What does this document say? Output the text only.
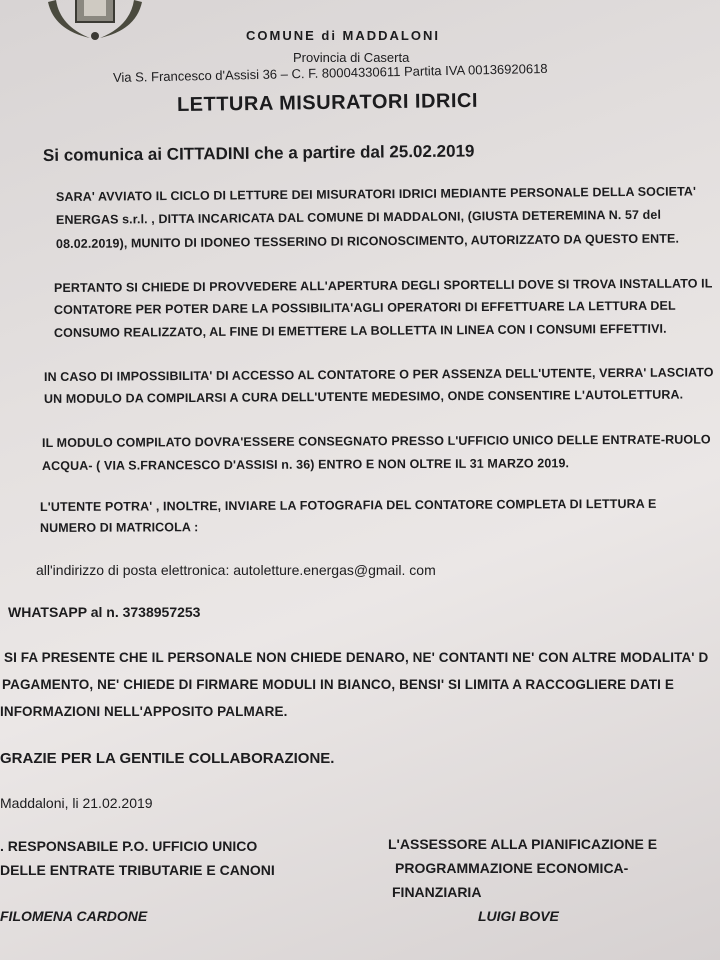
COMUNE di MADDALONI
Provincia di Caserta
Via S. Francesco d'Assisi 36 – C. F. 80004330611 Partita IVA 00136920618
LETTURA MISURATORI IDRICI
Si comunica ai CITTADINI che a partire dal 25.02.2019
SARA' AVVIATO IL CICLO DI LETTURE DEI MISURATORI IDRICI MEDIANTE PERSONALE DELLA SOCIETA'
ENERGAS s.r.l. , DITTA INCARICATA DAL COMUNE DI MADDALONI, (GIUSTA DETEREMINA N. 57 del
08.02.2019), MUNITO DI IDONEO TESSERINO DI RICONOSCIMENTO, AUTORIZZATO DA QUESTO ENTE.
PERTANTO SI CHIEDE DI PROVVEDERE ALL'APERTURA DEGLI SPORTELLI DOVE SI TROVA INSTALLATO IL
CONTATORE PER POTER DARE LA POSSIBILITA'AGLI OPERATORI DI EFFETTUARE LA LETTURA DEL
CONSUMO REALIZZATO, AL FINE DI EMETTERE LA BOLLETTA IN LINEA CON I CONSUMI EFFETTIVI.
IN CASO DI IMPOSSIBILITA' DI ACCESSO AL CONTATORE O PER ASSENZA DELL'UTENTE, VERRA' LASCIATO
UN MODULO DA COMPILARSI A CURA DELL'UTENTE MEDESIMO, ONDE CONSENTIRE L'AUTOLETTURA.
IL MODULO COMPILATO DOVRA'ESSERE CONSEGNATO PRESSO L'UFFICIO UNICO DELLE ENTRATE-RUOLO
ACQUA- ( VIA S.FRANCESCO D'ASSISI n. 36) ENTRO E NON OLTRE IL 31 MARZO 2019.
L'UTENTE POTRA' , INOLTRE, INVIARE LA FOTOGRAFIA DEL CONTATORE COMPLETA DI LETTURA E
NUMERO DI MATRICOLA :
all'indirizzo di posta elettronica: autoletture.energas@gmail. com
WHATSAPP al n. 3738957253
SI FA PRESENTE CHE IL PERSONALE NON CHIEDE DENARO, NE' CONTANTI NE' CON ALTRE MODALITA' D
PAGAMENTO, NE' CHIEDE DI FIRMARE MODULI IN BIANCO, BENSI' SI LIMITA A RACCOGLIERE DATI E
INFORMAZIONI NELL'APPOSITO PALMARE.
GRAZIE PER LA GENTILE COLLABORAZIONE.
Maddaloni, li 21.02.2019
. RESPONSABILE P.O. UFFICIO UNICO
DELLE ENTRATE TRIBUTARIE E CANONI
FILOMENA CARDONE
L'ASSESSORE ALLA PIANIFICAZIONE E
PROGRAMMAZIONE ECONOMICA-
FINANZIARIA
LUIGI BOVE
